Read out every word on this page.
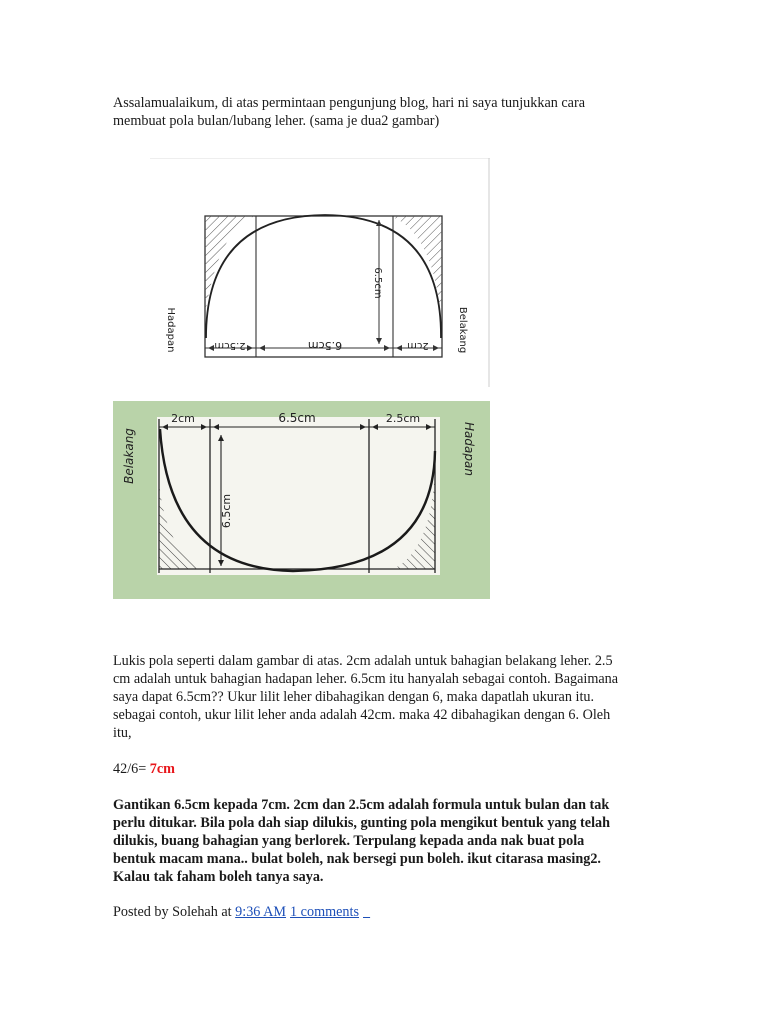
Assalamualaikum, di atas permintaan pengunjung blog, hari ni saya tunjukkan cara
membuat pola bulan/lubang leher. (sama je dua2 gambar)

2.5cm	6.5cm	2cm
6.5cm
Hadapan	Belakang
2cm	6.5cm	2.5cm
6.5cm
Belakang	Hadapan

Lukis pola seperti dalam gambar di atas. 2cm adalah untuk bahagian belakang leher. 2.5
cm adalah untuk bahagian hadapan leher. 6.5cm itu hanyalah sebagai contoh. Bagaimana
saya dapat 6.5cm?? Ukur lilit leher dibahagikan dengan 6, maka dapatlah ukuran itu.
sebagai contoh, ukur lilit leher anda adalah 42cm. maka 42 dibahagikan dengan 6. Oleh
itu,

42/6= 7cm

Gantikan 6.5cm kepada 7cm. 2cm dan 2.5cm adalah formula untuk bulan dan tak
perlu ditukar. Bila pola dah siap dilukis, gunting pola mengikut bentuk yang telah
dilukis, buang bahagian yang berlorek. Terpulang kepada anda nak buat pola
bentuk macam mana.. bulat boleh, nak bersegi pun boleh. ikut citarasa masing2.
Kalau tak faham boleh tanya saya.

Posted by Solehah at 9:36 AM 1 comments
